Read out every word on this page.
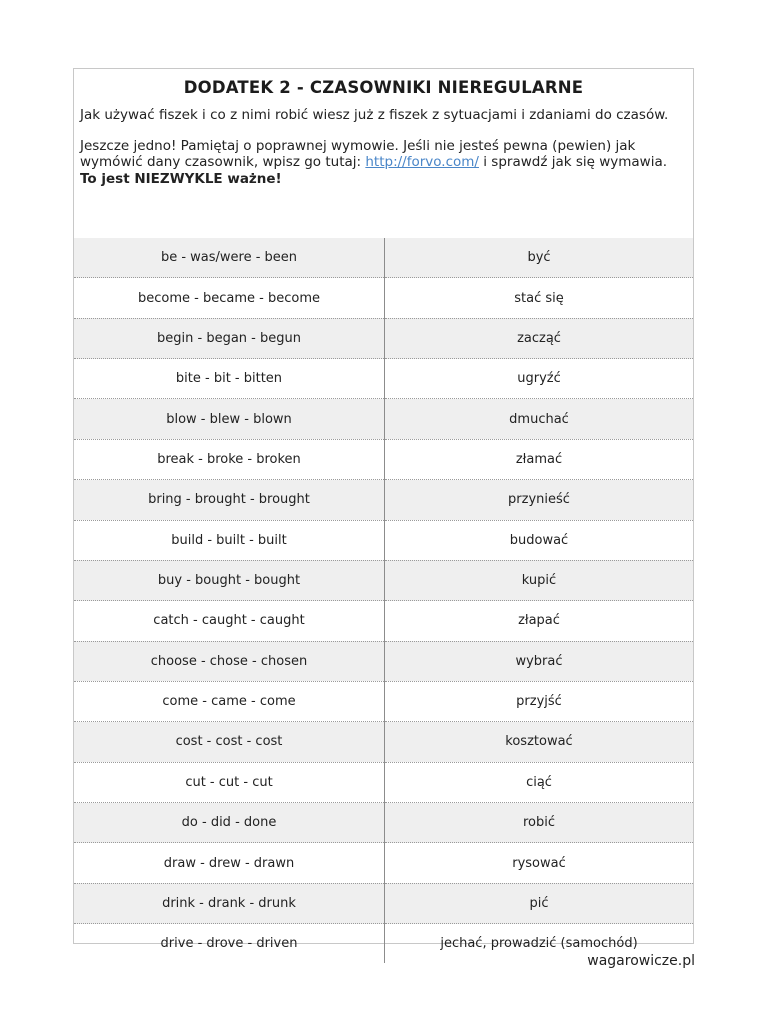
DODATEK 2 - CZASOWNIKI NIEREGULARNE

Jak używać fiszek i co z nimi robić wiesz już z fiszek z sytuacjami i zdaniami do czasów.

Jeszcze jedno! Pamiętaj o poprawnej wymowie. Jeśli nie jesteś pewna (pewien) jak wymówić dany czasownik, wpisz go tutaj: http://forvo.com/ i sprawdź jak się wymawia. To jest NIEZWYKLE ważne!

be - was/were - been	być
become - became - become	stać się
begin - began - begun	zacząć
bite - bit - bitten	ugryźć
blow - blew - blown	dmuchać
break - broke - broken	złamać
bring - brought - brought	przynieść
build - built - built	budować
buy - bought - bought	kupić
catch - caught - caught	złapać
choose - chose - chosen	wybrać
come - came - come	przyjść
cost - cost - cost	kosztować
cut - cut - cut	ciąć
do - did - done	robić
draw - drew - drawn	rysować
drink - drank - drunk	pić
drive - drove - driven	jechać, prowadzić (samochód)
wagarowicze.pl
